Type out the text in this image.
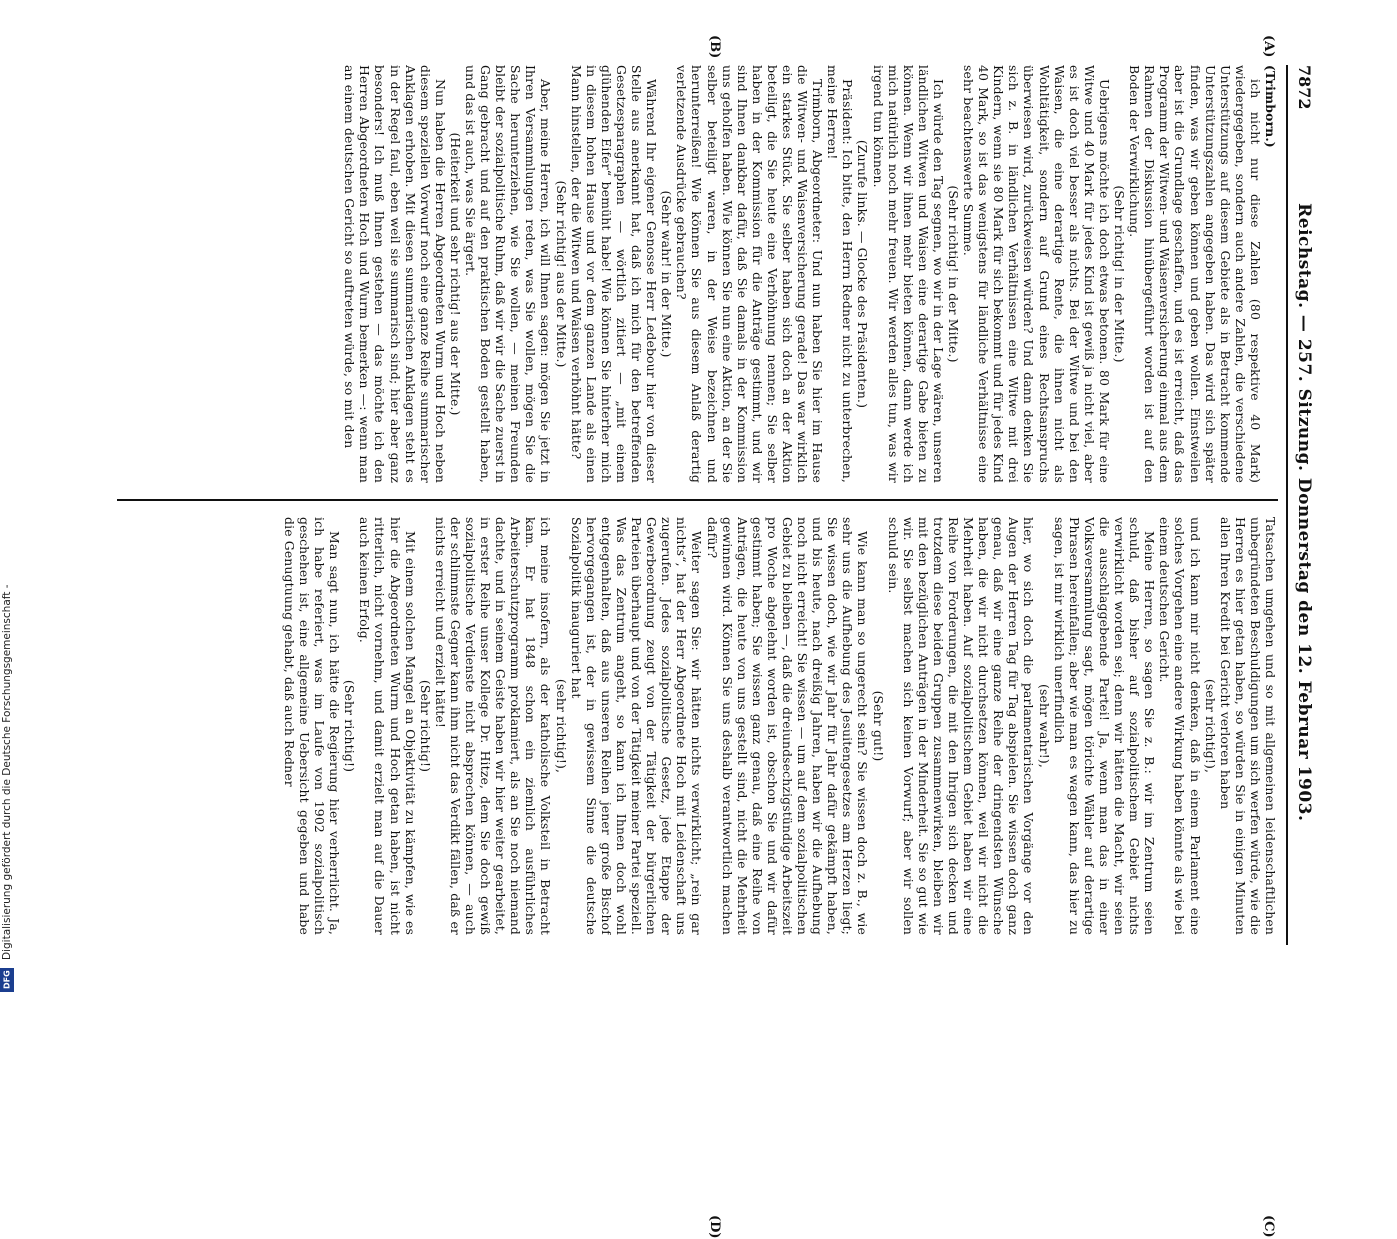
7872
Reichstag. — 257. Sitzung. Donnerstag den 12. Februar 1903.

(Trimborn.)

ich nicht nur diese Zahlen (80 respektive 40 Mark) wiedergegeben, sondern auch andere Zahlen, die verschiedene Unterstützungs auf diesem Gebiete als in Betracht kommende Unterstützungszahlen angegeben haben. Das wird sich später finden, was wir geben können und geben wollen. Einstweilen aber ist die Grundlage geschaffen, und es ist erreicht, daß das Programm der Witwen- und Waisenversicherung einmal aus dem Rahmen der Diskussion hinübergeführt worden ist auf den Boden der Verwirklichung.

(Sehr richtig! in der Mitte.)

Uebrigens möchte ich doch etwas betonen. 80 Mark für eine Witwe und 40 Mark für jedes Kind ist gewiß ja nicht viel, aber es ist doch viel besser als nichts. Bei der Witwe und bei den Waisen, die eine derartige Rente, die ihnen nicht als Wohltätigkeit, sondern auf Grund eines Rechtsanspruchs überwiesen wird, zurückweisen würden? Und dann denken Sie sich z. B. in ländlichen Verhältnissen eine Witwe mit drei Kindern, wenn sie 80 Mark für sich bekommt und für jedes Kind 40 Mark, so ist das wenigstens für ländliche Verhältnisse eine sehr beachtenswerte Summe.

(Sehr richtig! in der Mitte.)

Ich würde den Tag segnen, wo wir in der Lage wären, unseren ländlichen Witwen und Waisen eine derartige Gabe bieten zu können. Wenn wir ihnen mehr bieten können, dann werde ich mich natürlich noch mehr freuen. Wir werden alles tun, was wir irgend tun können.

(Zurufe links. — Glocke des Präsidenten.)

Präsident: Ich bitte, den Herrn Redner nicht zu unterbrechen, meine Herren!

Trimborn, Abgeordneter: Und nun haben Sie hier im Hause die Witwen- und Waisenversicherung gerade! Das war wirklich ein starkes Stück. Sie selber haben sich doch an der Aktion beteiligt, die Sie heute eine Verhöhnung nennen; Sie selber haben in der Kommission für die Anträge gestimmt, und wir sind Ihnen dankbar dafür, daß Sie damals in der Kommission uns geholfen haben. Wie können Sie nun eine Aktion, an der Sie selber beteiligt waren, in der Weise bezeichnen und herunterreißen! Wie können Sie aus diesem Anlaß derartig verletzende Ausdrücke gebrauchen?

(Sehr wahr! in der Mitte.)

Während Ihr eigener Genosse Herr Ledebour hier von dieser Stelle aus anerkannt hat, daß ich mich für den betreffenden Gesetzesparagraphen — wörtlich zitiert — „mit einem glühenden Eifer“ bemüht habe! Wie können Sie hinterher mich in diesem hohen Hause und vor dem ganzen Lande als einen Mann hinstellen, der die Witwen und Waisen verhöhnt hätte?

(Sehr richtig! aus der Mitte.)

Aber, meine Herren, ich will Ihnen sagen: mögen Sie jetzt in Ihren Versammlungen reden, was Sie wollen, mögen Sie die Sache herunterziehen, wie Sie wollen, — meinen Freunden bleibt der sozialpolitische Ruhm, daß wir wir die Sache zuerst in Gang gebracht und auf den praktischen Boden gestellt haben, und das ist auch, was Sie ärgert.

(Heiterkeit und sehr richtig! aus der Mitte.)

Nun haben die Herren Abgeordneten Wurm und Hoch neben diesem speziellen Vorwurf noch eine ganze Reihe summarischer Anklagen erhoben. Mit diesen summarischen Anklagen steht es in der Regel faul, eben weil sie summarisch sind; hier aber ganz besonders! Ich muß Ihnen gestehen — das möchte ich den Herren Abgeordneten Hoch und Wurm bemerken —: wenn man an einem deutschen Gericht so auftreten würde, so mit den

Tatsachen umgehen und so mit allgemeinen leidenschaftlichen unbegründeten Beschuldigungen um sich werfen würde, wie die Herren es hier getan haben, so würden Sie in einigen Minuten allen Ihren Kredit bei Gericht verloren haben

(sehr richtig!),

und ich kann mir nicht denken, daß in einem Parlament eine solches Vorgehen eine andere Wirkung haben könnte als wie bei einem deutschen Gericht.

Meine Herren, so sagen Sie z. B.: wir im Zentrum seien schuld, daß bisher auf sozialpolitischem Gebiet nichts verwirklicht worden sei; denn wir hätten die Macht, wir seien die ausschlaggebende Partei! Ja, wenn man das in einer Volksversammlung sagt, mögen törichte Wähler auf derartige Phrasen hereinfallen; aber wie man es wagen kann, das hier zu sagen, ist mir wirklich unerfindlich

(sehr wahr!),

hier, wo sich doch die parlamentarischen Vorgänge vor den Augen der Herren Tag für Tag abspielen. Sie wissen doch ganz genau, daß wir eine ganze Reihe der dringendsten Wünsche haben, die wir nicht durchsetzen können, weil wir nicht die Mehrheit haben. Auf sozialpolitischem Gebiet haben wir eine Reihe von Forderungen, die mit den Ihrigen sich decken und trotzdem diese beiden Gruppen zusammenwirken, bleiben wir mit den bezüglichen Anträgen in der Minderheit. Sie so gut wie wir. Sie selbst machen sich keinen Vorwurf; aber wir sollen schuld sein.

(Sehr gut!)

Wie kann man so ungerecht sein? Sie wissen doch z. B., wie sehr uns die Aufhebung des Jesuitengesetzes am Herzen liegt; Sie wissen doch, wie wir Jahr für Jahr dafür gekämpft haben, und bis heute, nach dreißig Jahren, haben wir die Aufhebung noch nicht erreicht! Sie wissen — um auf dem sozialpolitischen Gebiet zu bleiben —, daß die dreiundsechzigstündige Arbeitszeit pro Woche abgelehnt worden ist, obschon Sie und wir dafür gestimmt haben; Sie wissen ganz genau, daß eine Reihe von Anträgen, die heute von uns gestellt sind, nicht die Mehrheit gewinnen wird. Können Sie uns deshalb verantwortlich machen dafür?

Weiter sagen Sie: wir hätten nichts verwirklicht; „rein gar nichts“, hat der Herr Abgeordnete Hoch mit Leidenschaft uns zugerufen. Jedes sozialpolitische Gesetz, jede Etappe der Gewerbeordnung zeugt von der Tätigkeit der bürgerlichen Parteien überhaupt und von der Tätigkeit meiner Partei speziell. Was das Zentrum angeht, so kann ich Ihnen doch wohl entgegenhalten, daß aus unseren Reihen jener große Bischof hervorgegangen ist, der in gewissem Sinne die deutsche Sozialpolitik inauguriert hat

(sehr richtig!),

ich meine insofern, als der katholische Volksteil in Betracht kam. Er hat 1848 schon ein ziemlich ausführliches Arbeiterschutzprogramm proklamiert, als an Sie noch niemand dachte, und in seinem Geiste haben wir hier weiter gearbeitet, in erster Reihe unser Kollege Dr. Hitze, dem Sie doch gewiß sozialpolitische Verdienste nicht absprechen können, — auch der schlimmste Gegner kann ihm nicht das Verdikt fällen, daß er nichts erreicht und erzielt hätte!

(Sehr richtig!)

Mit einem solchen Mangel an Objektivität zu kämpfen, wie es hier die Abgeordneten Wurm und Hoch getan haben, ist nicht ritterlich, nicht vornehm, und damit erzielt man auf die Dauer auch keinen Erfolg.

(Sehr richtig!)

Man sagt nun, ich hätte die Regierung hier verherrlicht. Ja, ich habe referiert, was im Laufe von 1902 sozialpolitisch geschehen ist, eine allgemeine Uebersicht gegeben und habe die Genugtuung gehabt, daß auch Redner

(A)
(B)
(C)
(D)
Digitalisierung gefördert durch die Deutsche Forschungsgemeinschaft -
DFG
